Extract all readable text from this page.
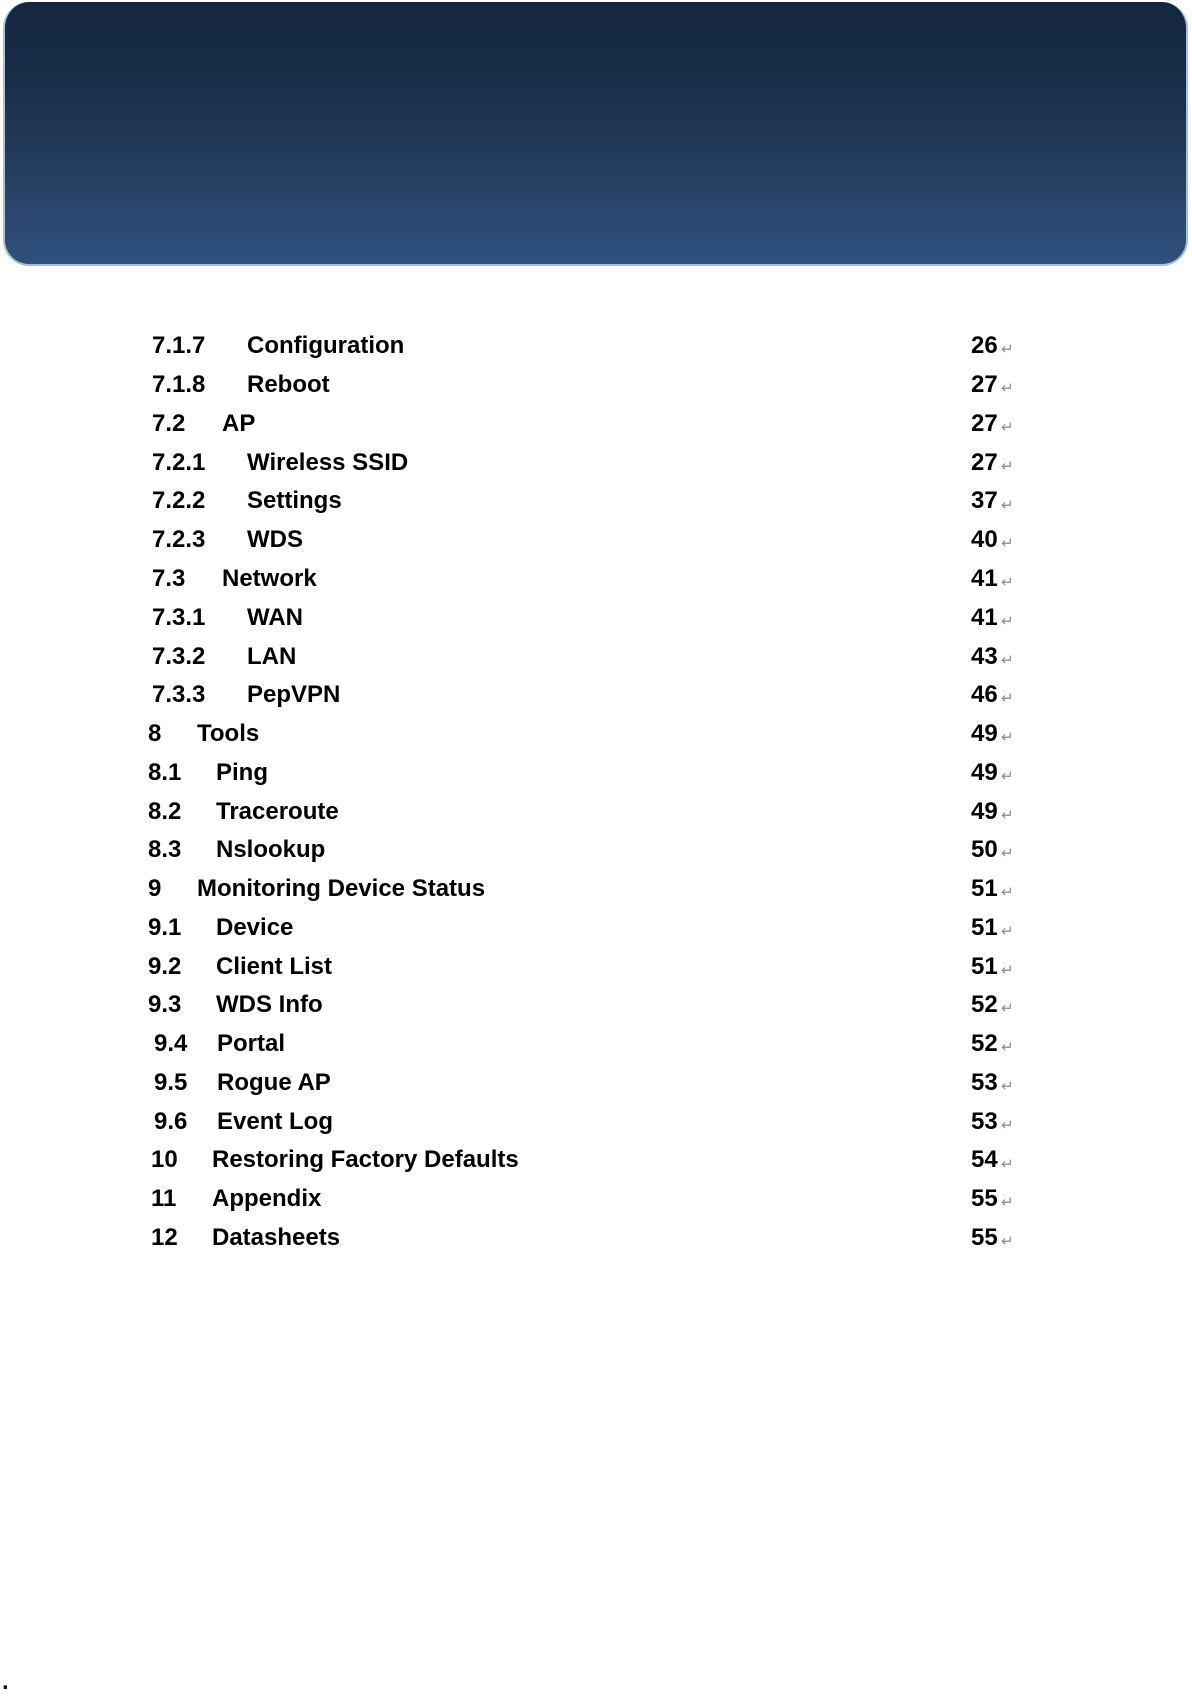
7.1.7 Configuration	26 ↵
7.1.8 Reboot	27 ↵
7.2 AP	27 ↵
7.2.1 Wireless SSID	27 ↵
7.2.2 Settings	37 ↵
7.2.3 WDS	40 ↵
7.3 Network	41 ↵
7.3.1 WAN	41 ↵
7.3.2 LAN	43 ↵
7.3.3 PepVPN	46 ↵
8 Tools	49 ↵
8.1 Ping	49 ↵
8.2 Traceroute	49 ↵
8.3 Nslookup	50 ↵
9 Monitoring Device Status	51 ↵
9.1 Device	51 ↵
9.2 Client List	51 ↵
9.3 WDS Info	52 ↵
9.4 Portal	52 ↵
9.5 Rogue AP	53 ↵
9.6 Event Log	53 ↵
10 Restoring Factory Defaults	54 ↵
11 Appendix	55 ↵
12 Datasheets	55 ↵
.
